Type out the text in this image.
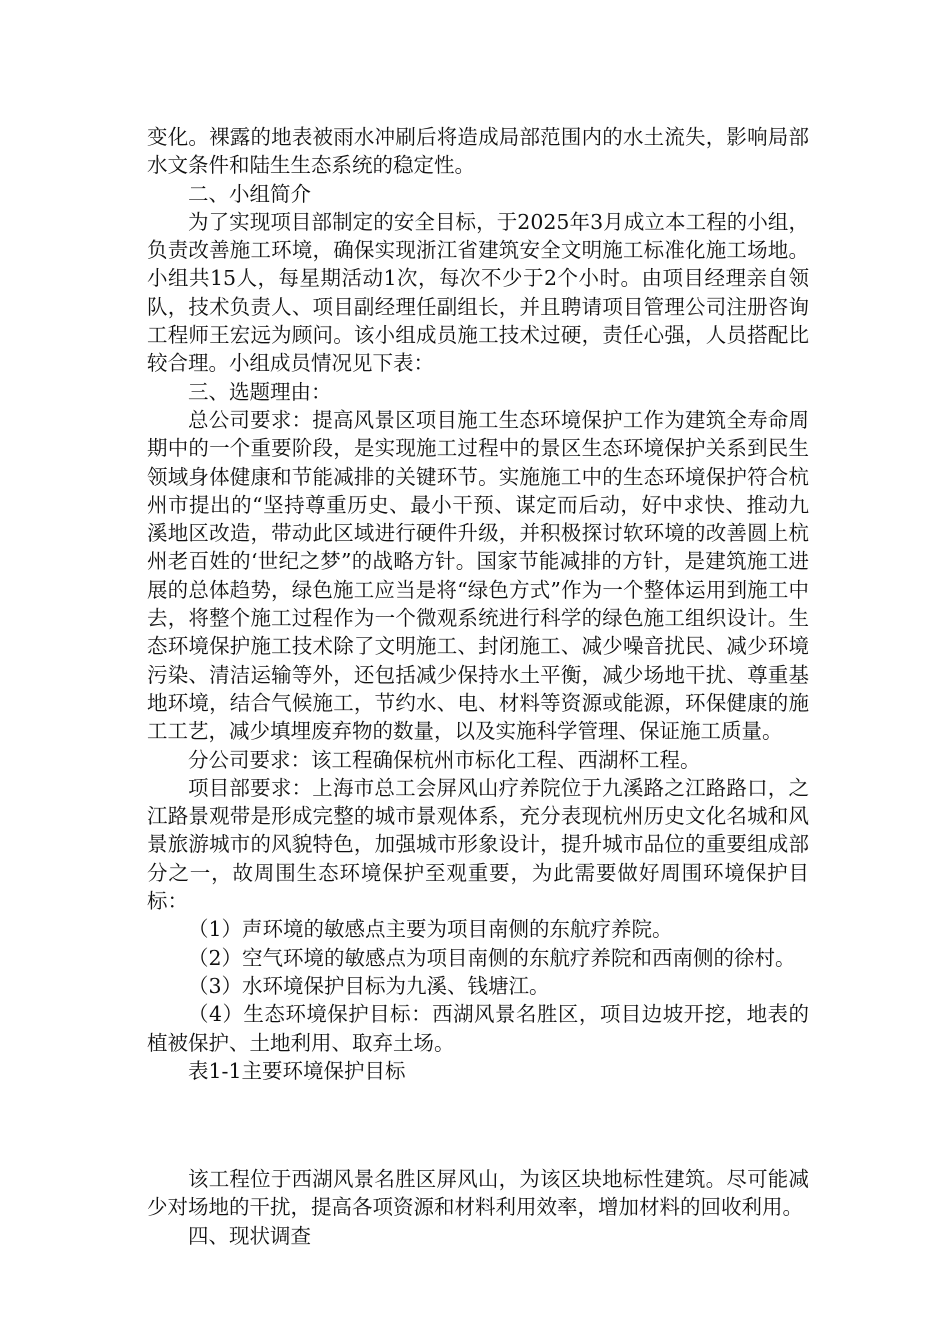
变化。裸露的地表被雨水冲刷后将造成局部范围内的水土流失，影响局部水文条件和陆生生态系统的稳定性。

二、小组简介

为了实现项目部制定的安全目标，于2025年3月成立本工程的小组，负责改善施工环境，确保实现浙江省建筑安全文明施工标准化施工场地。小组共15人，每星期活动1次，每次不少于2个小时。由项目经理亲自领队，技术负责人、项目副经理任副组长，并且聘请项目管理公司注册咨询工程师王宏远为顾问。该小组成员施工技术过硬，责任心强，人员搭配比较合理。小组成员情况见下表：

三、选题理由：

总公司要求：提高风景区项目施工生态环境保护工作为建筑全寿命周期中的一个重要阶段，是实现施工过程中的景区生态环境保护关系到民生领域身体健康和节能减排的关键环节。实施施工中的生态环境保护符合杭州市提出的“坚持尊重历史、最小干预、谋定而后动，好中求快、推动九溪地区改造，带动此区域进行硬件升级，并积极探讨软环境的改善圆上杭州老百姓的‘世纪之梦”的战略方针。国家节能减排的方针，是建筑施工进展的总体趋势，绿色施工应当是将“绿色方式”作为一个整体运用到施工中去，将整个施工过程作为一个微观系统进行科学的绿色施工组织设计。生态环境保护施工技术除了文明施工、封闭施工、减少噪音扰民、减少环境污染、清洁运输等外，还包括减少保持水土平衡，减少场地干扰、尊重基地环境，结合气候施工，节约水、电、材料等资源或能源，环保健康的施工工艺，减少填埋废弃物的数量，以及实施科学管理、保证施工质量。

分公司要求：该工程确保杭州市标化工程、西湖杯工程。

项目部要求：上海市总工会屏风山疗养院位于九溪路之江路路口，之江路景观带是形成完整的城市景观体系，充分表现杭州历史文化名城和风景旅游城市的风貌特色，加强城市形象设计，提升城市品位的重要组成部分之一，故周围生态环境保护至观重要，为此需要做好周围环境保护目标：

（1）声环境的敏感点主要为项目南侧的东航疗养院。

（2）空气环境的敏感点为项目南侧的东航疗养院和西南侧的徐村。

（3）水环境保护目标为九溪、钱塘江。

（4）生态环境保护目标：西湖风景名胜区，项目边坡开挖，地表的植被保护、土地利用、取弃土场。

表1-1主要环境保护目标

该工程位于西湖风景名胜区屏风山，为该区块地标性建筑。尽可能减少对场地的干扰，提高各项资源和材料利用效率，增加材料的回收利用。

四、现状调查
